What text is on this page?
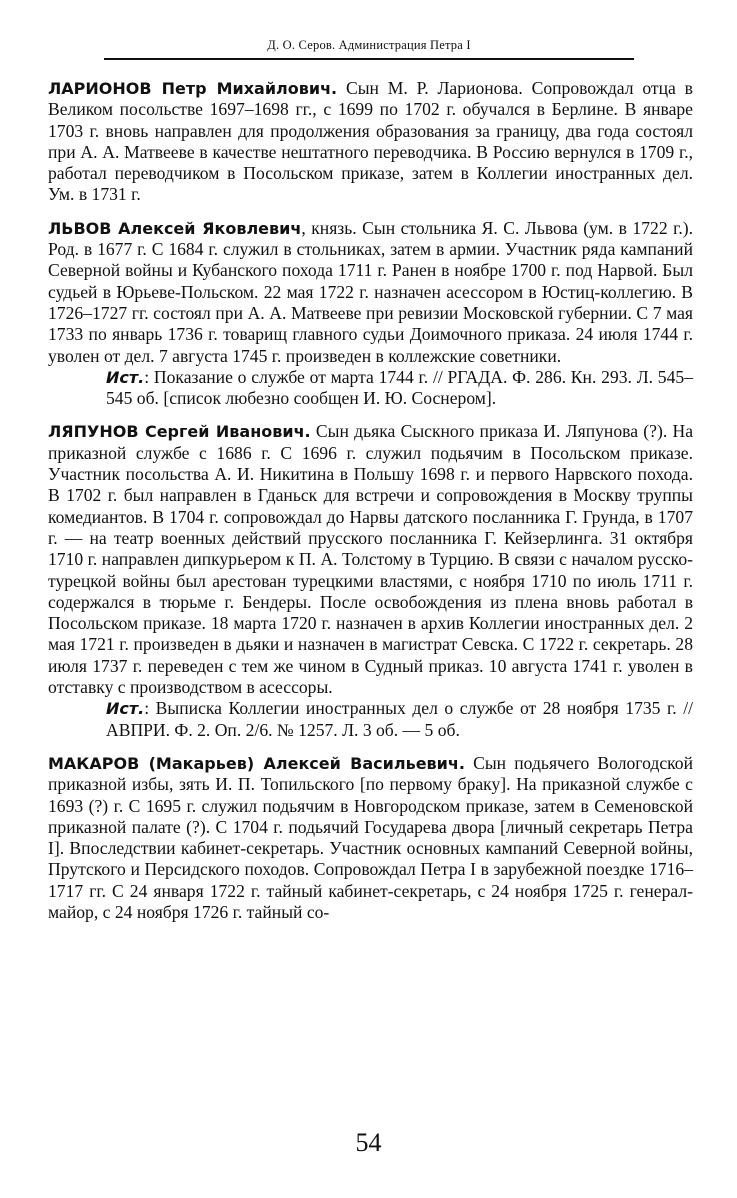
Д. О. Серов. Администрация Петра I

ЛАРИОНОВ Петр Михайлович. Сын М. Р. Ларионова. Сопровождал отца в Великом посольстве 1697–1698 гг., с 1699 по 1702 г. обучался в Берлине. В январе 1703 г. вновь направлен для продолжения образования за границу, два года состоял при А. А. Матвееве в качестве нештатного переводчика. В Россию вернулся в 1709 г., работал переводчиком в Посольском приказе, затем в Коллегии иностранных дел. Ум. в 1731 г.

ЛЬВОВ Алексей Яковлевич, князь. Сын стольника Я. С. Львова (ум. в 1722 г.). Род. в 1677 г. С 1684 г. служил в стольниках, затем в армии. Участник ряда кампаний Северной войны и Кубанского похода 1711 г. Ранен в ноябре 1700 г. под Нарвой. Был судьей в Юрьеве-Польском. 22 мая 1722 г. назначен асессором в Юстиц-коллегию. В 1726–1727 гг. состоял при А. А. Матвееве при ревизии Московской губернии. С 7 мая 1733 по январь 1736 г. товарищ главного судьи Доимочного приказа. 24 июля 1744 г. уволен от дел. 7 августа 1745 г. произведен в коллежские советники.

Ист.: Показание о службе от марта 1744 г. // РГАДА. Ф. 286. Кн. 293. Л. 545–545 об. [список любезно сообщен И. Ю. Соснером].

ЛЯПУНОВ Сергей Иванович. Сын дьяка Сыскного приказа И. Ляпунова (?). На приказной службе с 1686 г. С 1696 г. служил подьячим в Посольском приказе. Участник посольства А. И. Никитина в Польшу 1698 г. и первого Нарвского похода. В 1702 г. был направлен в Гданьск для встречи и сопровождения в Москву труппы комедиантов. В 1704 г. сопровождал до Нарвы датского посланника Г. Грунда, в 1707 г. — на театр военных действий прусского посланника Г. Кейзерлинга. 31 октября 1710 г. направлен дипкурьером к П. А. Толстому в Турцию. В связи с началом русско-турецкой войны был арестован турецкими властями, с ноября 1710 по июль 1711 г. содержался в тюрьме г. Бендеры. После освобождения из плена вновь работал в Посольском приказе. 18 марта 1720 г. назначен в архив Коллегии иностранных дел. 2 мая 1721 г. произведен в дьяки и назначен в магистрат Севска. С 1722 г. секретарь. 28 июля 1737 г. переведен с тем же чином в Судный приказ. 10 августа 1741 г. уволен в отставку с производством в асессоры.

Ист.: Выписка Коллегии иностранных дел о службе от 28 ноября 1735 г. // АВПРИ. Ф. 2. Оп. 2/6. № 1257. Л. 3 об. — 5 об.

МАКАРОВ (Макарьев) Алексей Васильевич. Сын подьячего Вологодской приказной избы, зять И. П. Топильского [по первому браку]. На приказной службе с 1693 (?) г. С 1695 г. служил подьячим в Новгородском приказе, затем в Семеновской приказной палате (?). С 1704 г. подьячий Государева двора [личный секретарь Петра I]. Впоследствии кабинет-секретарь. Участник основных кампаний Северной войны, Прутского и Персидского походов. Сопровождал Петра I в зарубежной поездке 1716–1717 гг. С 24 января 1722 г. тайный кабинет-секретарь, с 24 ноября 1725 г. генерал-майор, с 24 ноября 1726 г. тайный со-

54
